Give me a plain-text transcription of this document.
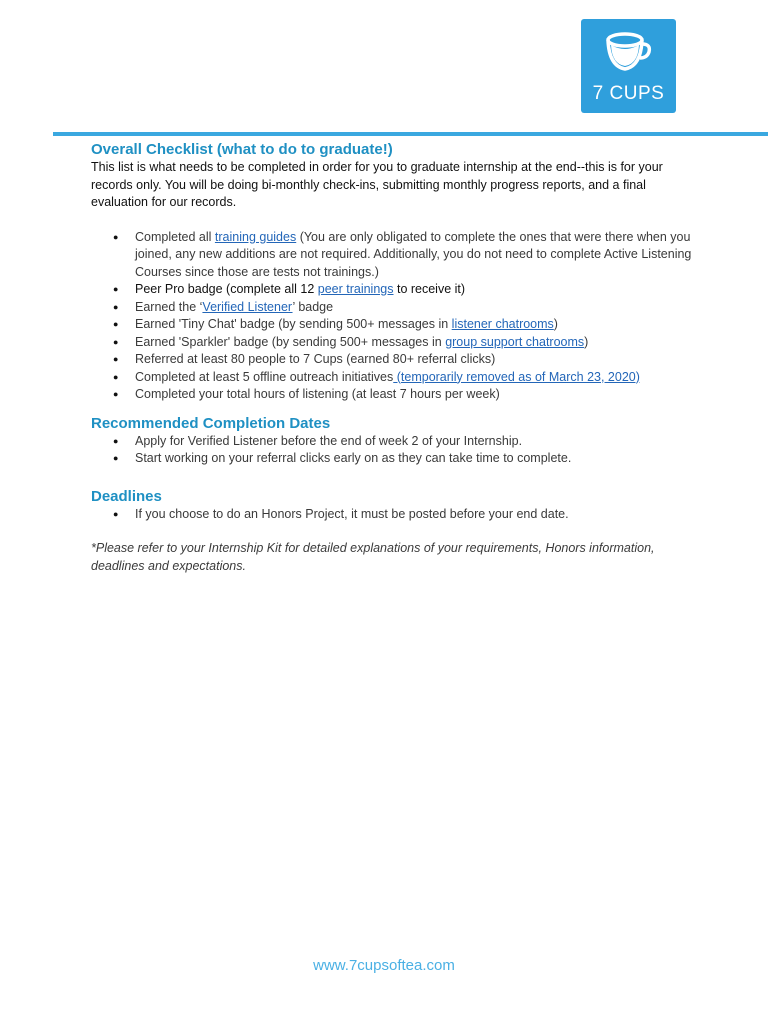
7 CUPS
Overall Checklist (what to do to graduate!)

This list is what needs to be completed in order for you to graduate internship at the end--this is for your records only. You will be doing bi-monthly check-ins, submitting monthly progress reports, and a final evaluation for our records.

● Completed all training guides (You are only obligated to complete the ones that were there when you joined, any new additions are not required. Additionally, you do not need to complete Active Listening Courses since those are tests not trainings.)
● Peer Pro badge (complete all 12 peer trainings to receive it)
● Earned the ‘Verified Listener’ badge
● Earned 'Tiny Chat' badge (by sending 500+ messages in listener chatrooms)
● Earned 'Sparkler' badge (by sending 500+ messages in group support chatrooms)
● Referred at least 80 people to 7 Cups (earned 80+ referral clicks)
● Completed at least 5 offline outreach initiatives (temporarily removed as of March 23, 2020)
● Completed your total hours of listening (at least 7 hours per week)
Recommended Completion Dates
● Apply for Verified Listener before the end of week 2 of your Internship.
● Start working on your referral clicks early on as they can take time to complete.
Deadlines
● If you choose to do an Honors Project, it must be posted before your end date.

*Please refer to your Internship Kit for detailed explanations of your requirements, Honors information, deadlines and expectations.

www.7cupsoftea.com
